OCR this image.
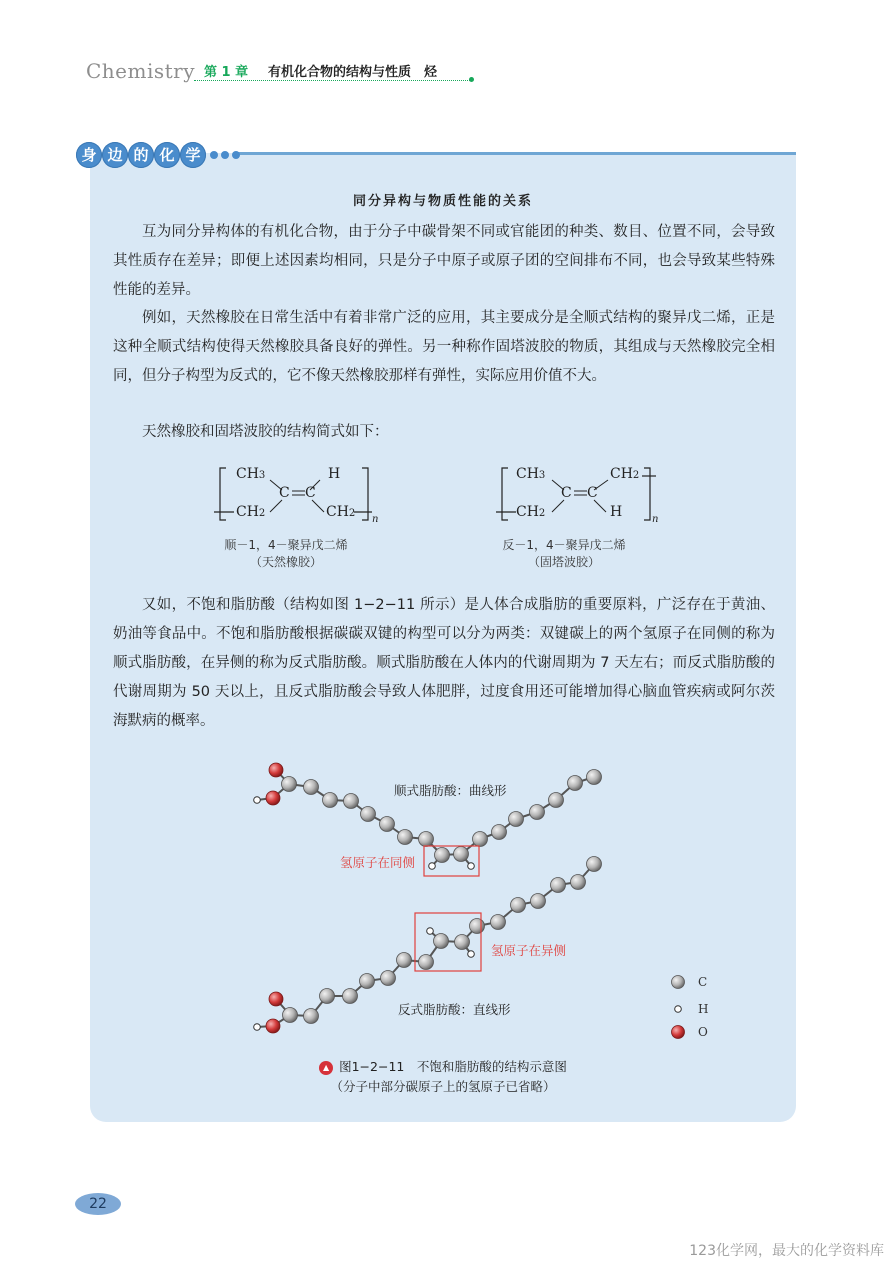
Chemistry 第 1 章 有机化合物的结构与性质　烃
身 边 的 化 学
同分异构与物质性能的关系

互为同分异构体的有机化合物，由于分子中碳骨架不同或官能团的种类、数目、位置不同，会导致其性质存在差异；即便上述因素均相同，只是分子中原子或原子团的空间排布不同，也会导致某些特殊性能的差异。

例如，天然橡胶在日常生活中有着非常广泛的应用，其主要成分是全顺式结构的聚异戊二烯，正是这种全顺式结构使得天然橡胶具备良好的弹性。另一种称作固塔波胶的物质，其组成与天然橡胶完全相同，但分子构型为反式的，它不像天然橡胶那样有弹性，实际应用价值不大。

天然橡胶和固塔波胶的结构简式如下：

CH3	H
C C
CH2	CH2
n
顺－1，4－聚异戊二烯
（天然橡胶）
CH3	CH2
C C
CH2	H	n
反－1，4－聚异戊二烯
（固塔波胶）

又如，不饱和脂肪酸（结构如图 1−2−11 所示）是人体合成脂肪的重要原料，广泛存在于黄油、奶油等食品中。不饱和脂肪酸根据碳碳双键的构型可以分为两类：双键碳上的两个氢原子在同侧的称为顺式脂肪酸，在异侧的称为反式脂肪酸。顺式脂肪酸在人体内的代谢周期为 7 天左右；而反式脂肪酸的代谢周期为 50 天以上，且反式脂肪酸会导致人体肥胖，过度食用还可能增加得心脑血管疾病或阿尔茨海默病的概率。

顺式脂肪酸：曲线形
氢原子在同侧
氢原子在异侧
反式脂肪酸：直线形
C
H
O
▲ 图1−2−11　不饱和脂肪酸的结构示意图
（分子中部分碳原子上的氢原子已省略）
22
123化学网，最大的化学资料库
